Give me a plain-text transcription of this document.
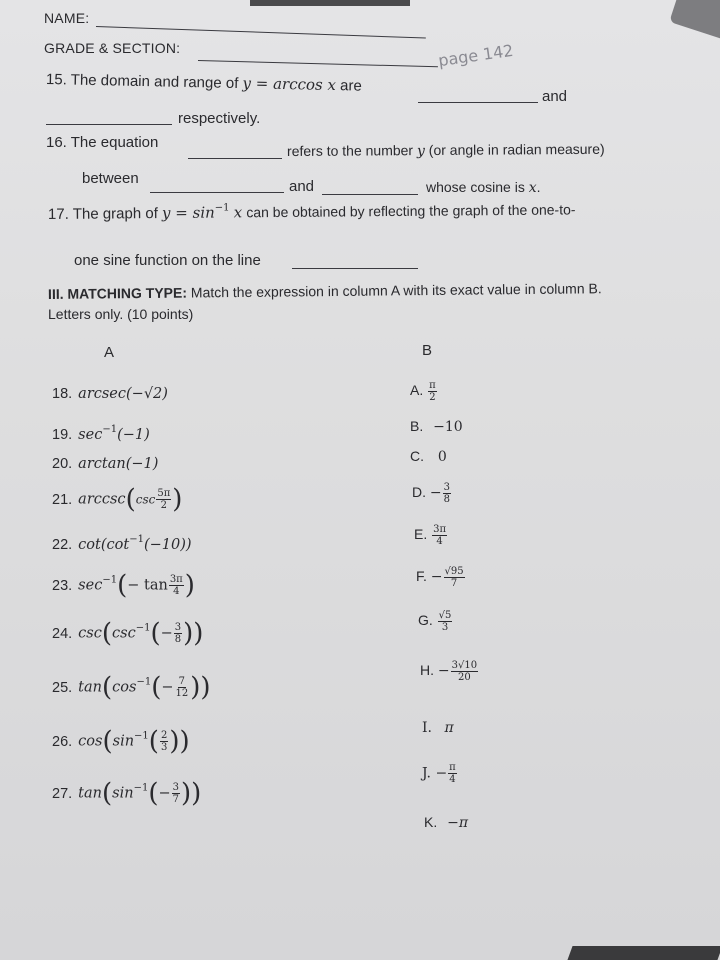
NAME:
GRADE & SECTION:	page 142
15. The domain and range of y = arccos x are
and
respectively.
16. The equation	refers to the number y (or angle in radian measure)
between	and	whose cosine is x.
17. The graph of $y = \sin^{-1} x$ can be obtained by reflecting the graph of the one-to-
one sine function on the line
III. MATCHING TYPE: Match the expression in column A with its exact value in column B.
Letters only. (10 points)
A	B
18. arcsec(−√2)
19. $\sec^{-1}(-1)$
20. arctan(−1)
21. $arccsc(\csc \frac{5\pi}{2}$ )
22. $\cot(\cot^{-1}(-10))$
23. $\sec^{-1}(- \tan \frac{3\pi}{4}$ )
24. $\csc(\csc^{-1}(- \frac{3}{8}$ ))
25. $\tan(\cos^{-1}(- \frac{7}{12}$ ))
26. $\cos(\sin^{-1}( \frac{2}{3}$ ))
27. $\tan(\sin^{-1}(- \frac{3}{7}$ ))
A. $\frac{\pi}{2}$
B. −10
C. 0
D. − $\frac{3}{8}$
E. $\frac{3\pi}{4}$
F. − $\frac{√95}{7}$
G. $\frac{√5}{3}$
H. − $\frac{3√10}{20}$
I. π
J. − $\frac{\pi}{4}$
K. −π
